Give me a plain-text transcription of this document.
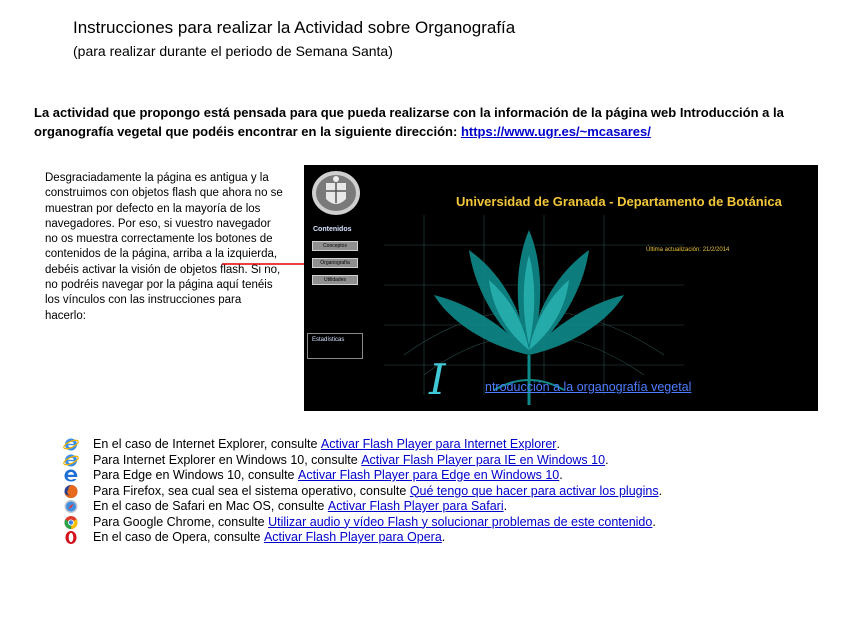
Instrucciones para realizar la Actividad sobre Organografía
(para realizar durante el periodo de Semana Santa)
La actividad que propongo está pensada para que pueda realizarse con la información de la página web Introducción a la organografía vegetal que podéis encontrar en la siguiente dirección: https://www.ugr.es/~mcasares/
Desgraciadamente la página es antigua y la construimos con objetos flash que ahora no se muestran por defecto en la mayoría de los navegadores. Por eso, si vuestro navegador no os muestra correctamente los botones de contenidos de la página, arriba a la izquierda, debéis activar la visión de objetos flash. Si no, no podréis navegar por la página aquí tenéis los vínculos con las instrucciones para hacerlo:
Universidad de Granada - Departamento de Botánica
Contenidos
Conceptos
Organografía
Utilidades
Última actualización: 21/2/2014
Estadísticas
I	ntroducción a la organografía vegetal
En el caso de Internet Explorer, consulte Activar Flash Player para Internet Explorer .
Para Internet Explorer en Windows 10, consulte Activar Flash Player para IE en Windows 10 .
Para Edge en Windows 10, consulte Activar Flash Player para Edge en Windows 10 .
Para Firefox, sea cual sea el sistema operativo, consulte Qué tengo que hacer para activar los plugins .
En el caso de Safari en Mac OS, consulte Activar Flash Player para Safari .
Para Google Chrome, consulte Utilizar audio y vídeo Flash y solucionar problemas de este contenido .
En el caso de Opera, consulte Activar Flash Player para Opera .
